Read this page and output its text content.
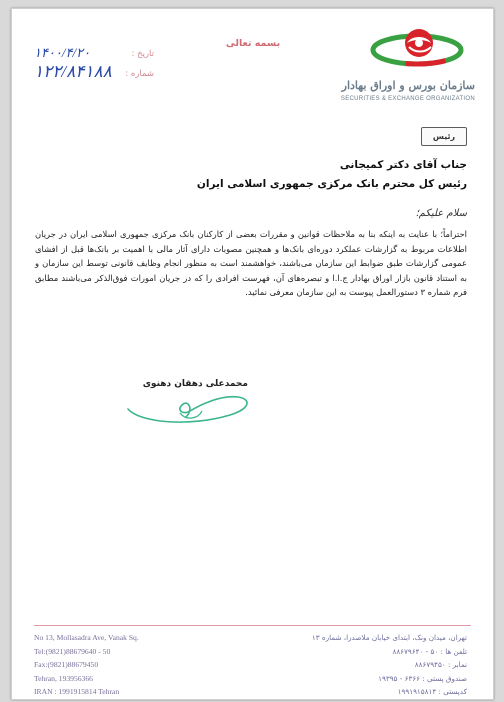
سازمان بورس و اوراق بهادار
SECURITIES & EXCHANGE ORGANIZATION
بسمه تعالی
تاریخ :
۱۴۰۰/۴/۲۰
شماره :
۱۲۲/۸۴۱۸۸
رئیس
جناب آقای دکتر کمیجانی
رئیس کل محترم بانک مرکزی جمهوری اسلامی ایران
سلام علیکم؛
احتراماً؛ با عنایت به اینکه بنا به ملاحظات قوانین و مقررات بعضی از کارکنان بانک مرکزی جمهوری اسلامی ایران در جریان اطلاعات مربوط به گزارشات عملکرد دوره‌ای بانک‌ها و همچنین مصوبات دارای آثار مالی با اهمیت بر بانک‌ها قبل از افشای عمومی گزارشات طبق ضوابط این سازمان می‌باشند، خواهشمند است به منظور انجام وظایف قانونی توسط این سازمان و به استناد قانون بازار اوراق بهادار ج.ا.ا و تبصره‌های آن، فهرست افرادی را که در جریان امورات فوق‌الذکر می‌باشند مطابق فرم شماره ۳ دستورالعمل پیوست به این سازمان معرفی نمائید.
محمدعلی دهقان دهنوی
No 13, Mollasadra Ave, Vanak Sq.
Tel:(9821)88679640 - 50
Fax:(9821)88679450
Tehran, 193956366
IRAN : 1991915814 Tehran
تهران، میدان ونک، ابتدای خیابان ملاصدرا، شماره ۱۳
تلفن ها : ۵۰ - ۸۸۶۷۹۶۴۰
نمابر : ۸۸۶۷۹۴۵۰
صندوق پستی : ۶۳۶۶ - ۱۹۳۹۵
کدپستی : ۱۹۹۱۹۱۵۸۱۴
